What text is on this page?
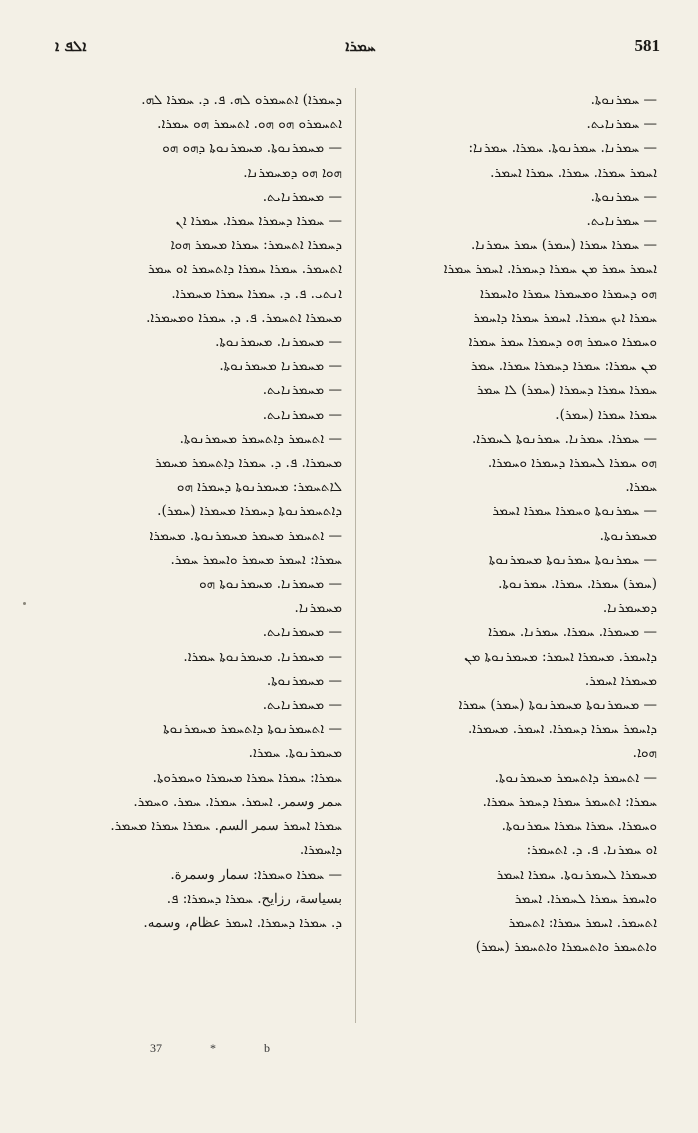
ܐܠܦ ܐ	ܚܡܪܐ	581

ܕܚܡܪܐ) ܐܬܚܡܪܘ ܠܗ. ܦ. ܕ. ܚܡܪܐ ܠܗ.

ܐܬܚܡܪܘ ܗܘ ܗܘ. ܐܬܚܡܪ ܗܘ ܚܡܪܐ.

— ܡܚܡܪܢܘܬܐ. ܡܚܡܪܢܘܬܐ ܕܗܘ ܗܘ

ܗܘܐ ܗܘ ܕܡܚܡܪܢܐ.

— ܡܚܡܪܢܐܝܬ.

— ܚܡܪܐ ܕܚܡܪܐ ܚܡܪܐ. ܚܡܪܐ ܐܢ

ܕܚܡܪܐ ܐܬܚܡܪ: ܚܡܪܐ ܡܚܡܪ ܗܘܐ

ܐܬܚܡܪ. ܚܡܪܐ ܚܡܪܐ ܕܐܬܚܡܪ ܐܘ ܚܡܪ

ܐܢܬܝ. ܦ. ܕ. ܚܡܪܐ ܚܡܪܐ ܡܚܡܪܐ.

ܡܚܡܪܐ ܐܬܚܡܪ. ܦ. ܕ. ܚܡܪܐ ܘܡܚܡܪܐ.

— ܡܚܡܪܢܐ. ܡܚܡܪܢܘܬܐ.

— ܡܚܡܪܢܐ ܡܚܡܪܢܘܬܐ.

— ܡܚܡܪܢܐܝܬ.

— ܡܚܡܪܢܐܝܬ.

— ܐܬܚܡܪ ܕܐܬܚܡܪ ܡܚܡܪܢܘܬܐ.

ܡܚܡܪܐ. ܦ. ܕ. ܚܡܪܐ ܕܐܬܚܡܪ ܡܚܡܪ

ܠܐܬܚܡܪ: ܡܚܡܪܢܘܬܐ ܕܚܡܪܐ ܗܘ

ܕܐܬܚܡܪܢܘܬܐ ܕܚܡܪܐ ܡܚܡܪܐ (ܚܡܪ).

— ܐܬܚܡܪ ܡܚܡܪ ܡܚܡܪܢܘܬܐ. ܡܚܡܪܐ

ܚܡܪܐ: ܐܚܡܪ ܡܚܡܪ ܘܐܚܡܪ ܚܡܪ.

— ܡܚܡܪܢܐ. ܡܚܡܪܢܘܬܐ ܗܘ

ܡܚܡܪܢܐ.

— ܡܚܡܪܢܐܝܬ.

— ܡܚܡܪܢܐ. ܡܚܡܪܢܘܬܐ ܚܡܪܐ.

— ܡܚܡܪܢܘܬܐ.

— ܡܚܡܪܢܐܝܬ.

— ܐܬܚܡܪܢܘܬܐ ܕܐܬܚܡܪ ܡܚܡܪܢܘܬܐ

ܡܚܡܪܢܘܬܐ. ܚܡܪܐ.

ܚܡܪܐ: ܚܡܪܐ ܚܡܪܐ ܡܚܡܪܐ ܘܚܡܪܘܬܐ.

ܚمر وسمر. ܐܚܡܪ. ܚܡܪܐ. ܚܡܪ. ܘܚܡܪ.

ܚܡܪܐ ܐܚܡܪ سمر السم. ܚܡܪܐ ܚܡܪܐ ܡܚܡܪ.

ܕܐܚܡܪܐ.

— ܚܡܪܐ ܘܚܡܪܐ: سمار وسمرة.

بسياسة، رزايح. ܚܡܪܐ ܕܚܡܪܐ: ܦ.

ܕ. ܚܡܪܐ ܕܚܡܪܐ. ܐܚܡܪ عظام، وسمه.

— ܚܡܪܢܘܬܐ.

— ܚܡܪܢܐܝܬ.

— ܚܡܪܢܐ. ܚܡܪܢܘܬܐ. ܚܡܪܐ. ܚܡܪܢܐ:

ܐܚܡܪ ܚܡܪܐ. ܚܡܪܐ. ܚܡܪܐ ܐܚܡܪ.

— ܚܡܪܢܘܬܐ.

— ܚܡܪܢܐܝܬ.

— ܚܡܪܐ ܚܡܪܐ (ܚܡܪ) ܚܡܪ ܚܡܪܢܐ.

ܐܚܡܪ ܚܡܪ ܡܢ ܚܡܪܐ ܕܚܡܪܐ. ܐܚܡܪ ܚܡܪܐ

ܗܘ ܕܚܡܪܐ ܘܡܚܡܪܐ ܚܡܪܐ ܘܐܚܡܪܐ

ܚܡܪܐ ܐܝܟ ܚܡܪܐ. ܐܚܡܪ ܚܡܪܐ ܕܐܚܡܪ

ܘܚܡܪܐ ܘܚܡܪ ܗܘ ܕܚܡܪܐ ܚܡܪ ܚܡܪܐ

ܡܢ ܚܡܪܐ: ܚܡܪܐ ܕܚܡܪܐ ܚܡܪܐ. ܚܡܪ

ܚܡܪܐ ܚܡܪܐ ܕܚܡܪܐ (ܚܡܪ) ܠܐ ܚܡܪ

ܚܡܪܐ ܚܡܪܐ (ܚܡܪ).

— ܚܡܪܐ. ܚܡܪܢܐ. ܚܡܪܢܘܬܐ ܠܚܡܪܐ.

ܗܘ ܚܡܪܐ ܠܚܡܪܐ ܕܚܡܪܐ ܘܚܡܪܐ.

ܚܡܪܐ.

— ܚܡܪܢܘܬܐ ܘܚܡܪܐ ܚܡܪܐ ܐܚܡܪ

ܡܚܡܪܢܘܬܐ.

— ܚܡܪܢܘܬܐ ܚܡܪܢܘܬܐ ܡܚܡܪܢܘܬܐ

(ܚܡܪ) ܚܡܪܐ. ܚܡܪܐ. ܚܡܪܢܘܬܐ.

ܕܡܚܡܪܢܐ.

— ܡܚܡܪܐ. ܚܡܪܐ. ܚܡܪܢܐ. ܚܡܪܐ

ܕܐܚܡܪ. ܡܚܡܪܐ ܐܚܡܪ: ܡܚܡܪܢܘܬܐ ܡܢ

ܡܚܡܪܐ ܐܚܡܪ.

— ܡܚܡܪܢܘܬܐ ܡܚܡܪܢܘܬܐ (ܚܡܪ) ܚܡܪܐ

ܕܐܚܡܪ ܚܡܪܐ ܕܚܡܪܐ. ܐܚܡܪ. ܡܚܡܪܐ.

ܗܘܐ.

— ܐܬܚܡܪ ܕܐܬܚܡܪ ܡܚܡܪܢܘܬܐ.

ܚܡܪܐ: ܐܬܚܡܪ ܚܡܪܐ ܕܚܡܪ ܚܡܪܐ.

ܘܚܡܪܐ. ܚܡܪܐ ܚܡܪܐ ܚܡܪܢܘܬܐ.

ܐܘ ܚܡܪܢܐ. ܦ. ܕ. ܐܬܚܡܪ:

ܡܚܡܪܐ ܠܚܡܪܢܘܬܐ. ܚܡܪܐ ܐܚܡܪ

ܘܐܚܡܪ ܚܡܪܐ ܠܚܡܪܐ. ܐܚܡܪ

ܐܬܚܡܪ. ܐܚܡܪ ܚܡܪܐ: ܐܬܚܡܪ

ܘܐܬܚܡܪ ܘܐܬܚܡܪܐ ܘܐܬܚܡܪ (ܚܡܪ)

37	*	b
